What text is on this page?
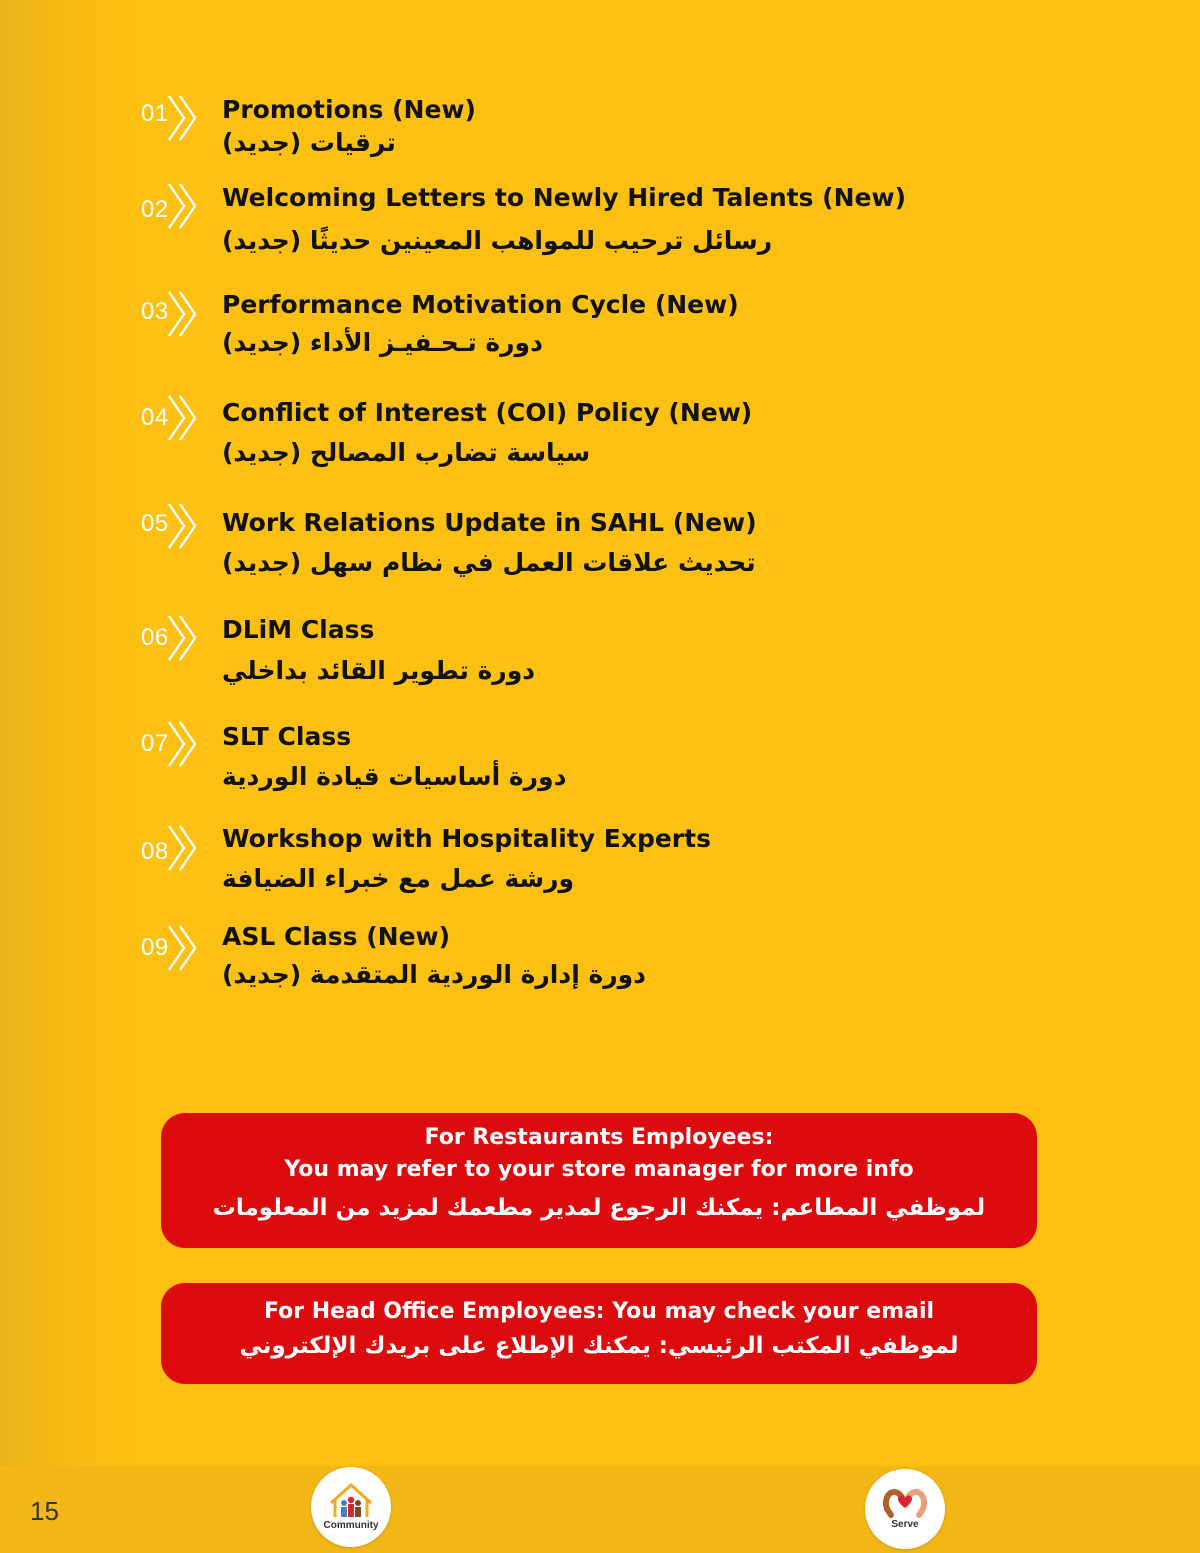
01 Promotions (New)
ترقيات (جديد)
02 Welcoming Letters to Newly Hired Talents (New)
رسائل ترحيب للمواهب المعينين حديثًا (جديد)
03 Performance Motivation Cycle (New)
دورة تـحـفيـز الأداء (جديد)
04 Conflict of Interest (COI) Policy (New)
سياسة تضارب المصالح (جديد)
05 Work Relations Update in SAHL (New)
تحديث علاقات العمل في نظام سهل (جديد)
06 DLiM Class
دورة تطوير القائد بداخلي
07 SLT Class
دورة أساسيات قيادة الوردية
08 Workshop with Hospitality Experts
ورشة عمل مع خبراء الضيافة
09 ASL Class (New)
دورة إدارة الوردية المتقدمة (جديد)
For Restaurants Employees:
You may refer to your store manager for more info
لموظفي المطاعم: يمكنك الرجوع لمدير مطعمك لمزيد من المعلومات
For Head Office Employees: You may check your email
لموظفي المكتب الرئيسي: يمكنك الإطلاع على بريدك الإلكتروني
15	Community	Serve
